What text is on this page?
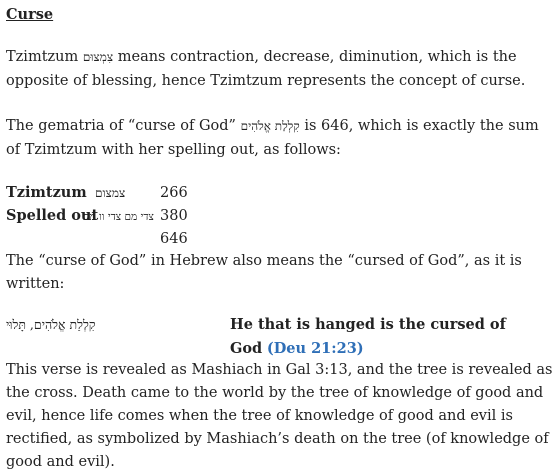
Curse
Tzimtzum צִמְצוּם means contraction, decrease, diminution, which is the
opposite of blessing, hence Tzimtzum represents the concept of curse.
The gematria of “curse of God” קִלְלַת אֱלֹהִים is 646, which is exactly the sum
of Tzimtzum with her spelling out, as follows:
Tzimtzum צמצום 266
Spelled out
צדי מם צדי וו מם 380
646
The “curse of God” in Hebrew also means the “cursed of God”, as it is
written:
קִלְלַת אֱלֹהִים, תָּלוּי	He that is hanged is the cursed of
God (Deu 21:23)
This verse is revealed as Mashiach in Gal 3:13, and the tree is revealed as
the cross. Death came to the world by the tree of knowledge of good and
evil, hence life comes when the tree of knowledge of good and evil is
rectified, as symbolized by Mashiach’s death on the tree (of knowledge of
good and evil).
